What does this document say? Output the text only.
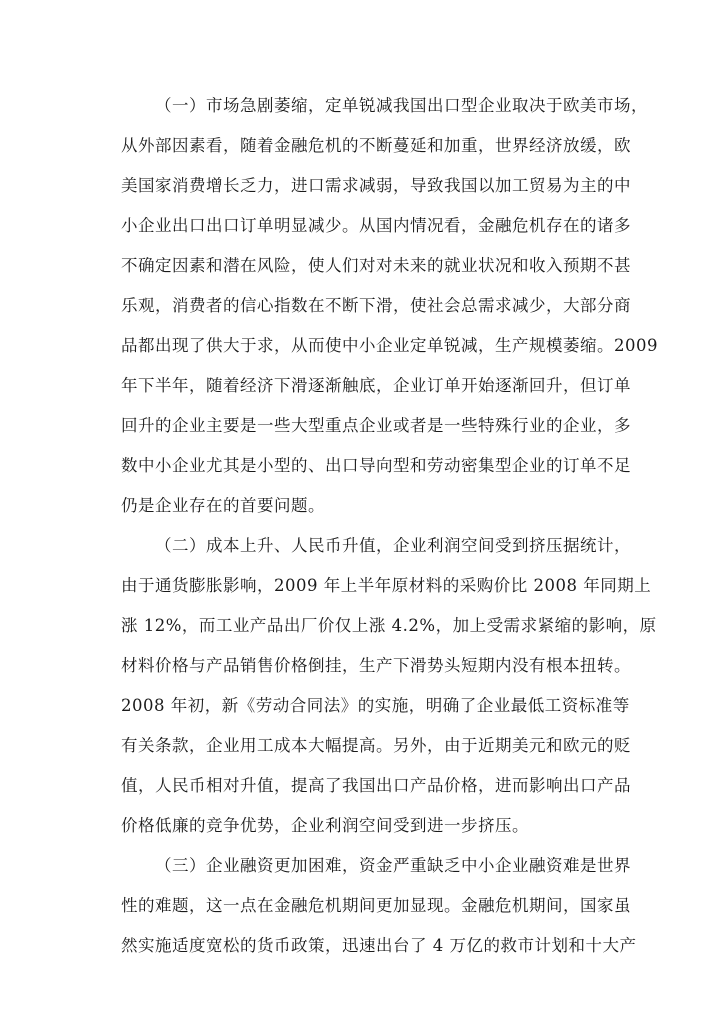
（一）市场急剧萎缩，定单锐减我国出口型企业取决于欧美市场，
从外部因素看，随着金融危机的不断蔓延和加重，世界经济放缓，欧
美国家消费增长乏力，进口需求减弱，导致我国以加工贸易为主的中
小企业出口出口订单明显减少。从国内情况看，金融危机存在的诸多
不确定因素和潜在风险，使人们对对未来的就业状况和收入预期不甚
乐观，消费者的信心指数在不断下滑，使社会总需求减少，大部分商
品都出现了供大于求，从而使中小企业定单锐减，生产规模萎缩。2009
年下半年，随着经济下滑逐渐触底，企业订单开始逐渐回升，但订单
回升的企业主要是一些大型重点企业或者是一些特殊行业的企业，多
数中小企业尤其是小型的、出口导向型和劳动密集型企业的订单不足
仍是企业存在的首要问题。
（二）成本上升、人民币升值，企业利润空间受到挤压据统计，
由于通货膨胀影响，2009 年上半年原材料的采购价比 2008 年同期上
涨 12%，而工业产品出厂价仅上涨 4.2%，加上受需求紧缩的影响，原
材料价格与产品销售价格倒挂，生产下滑势头短期内没有根本扭转。
2008 年初，新《劳动合同法》的实施，明确了企业最低工资标准等
有关条款，企业用工成本大幅提高。另外，由于近期美元和欧元的贬
值，人民币相对升值，提高了我国出口产品价格，进而影响出口产品
价格低廉的竞争优势，企业利润空间受到进一步挤压。
（三）企业融资更加困难，资金严重缺乏中小企业融资难是世界
性的难题，这一点在金融危机期间更加显现。金融危机期间，国家虽
然实施适度宽松的货币政策，迅速出台了 4 万亿的救市计划和十大产
